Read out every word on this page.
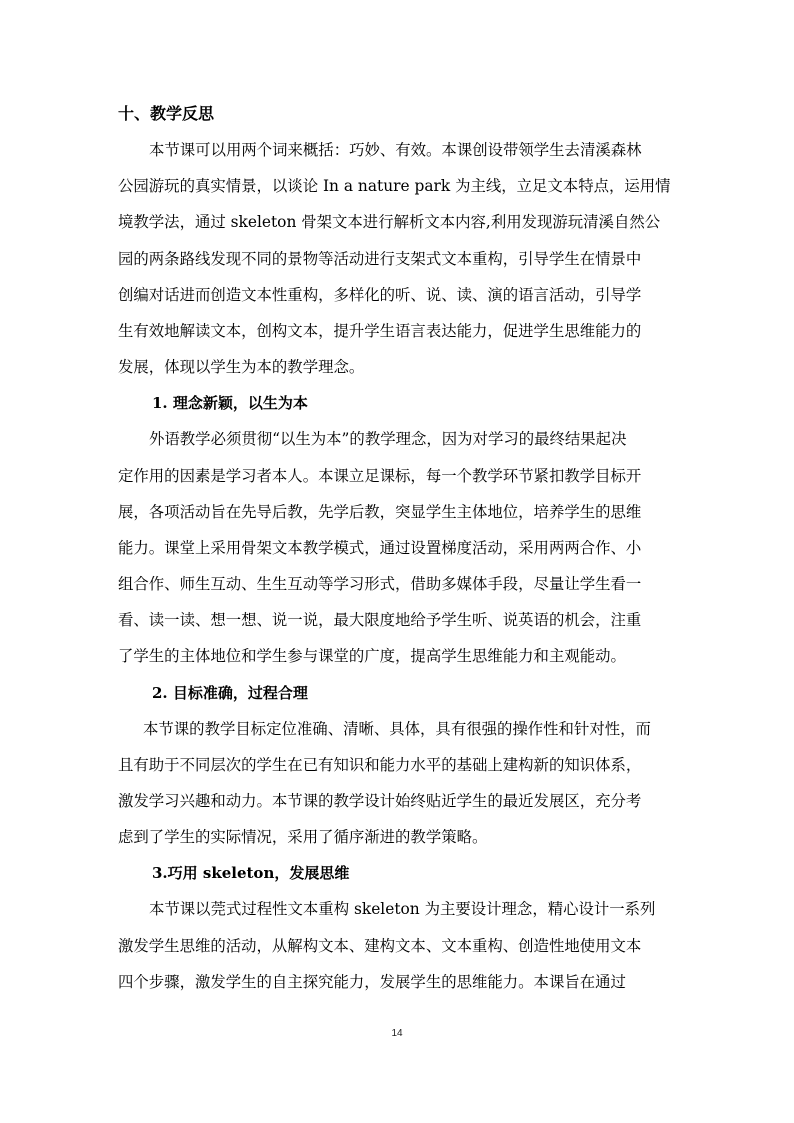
十、教学反思
本节课可以用两个词来概括：巧妙、有效。本课创设带领学生去清溪森林
公园游玩的真实情景，以谈论 In a nature park 为主线，立足文本特点，运用情
境教学法，通过 skeleton 骨架文本进行解析文本内容,利用发现游玩清溪自然公
园的两条路线发现不同的景物等活动进行支架式文本重构，引导学生在情景中
创编对话进而创造文本性重构，多样化的听、说、读、演的语言活动，引导学
生有效地解读文本，创构文本，提升学生语言表达能力，促进学生思维能力的
发展，体现以学生为本的教学理念。
1. 理念新颖，以生为本
外语教学必须贯彻“以生为本”的教学理念，因为对学习的最终结果起决
定作用的因素是学习者本人。本课立足课标，每一个教学环节紧扣教学目标开
展，各项活动旨在先导后教，先学后教，突显学生主体地位，培养学生的思维
能力。课堂上采用骨架文本教学模式，通过设置梯度活动，采用两两合作、小
组合作、师生互动、生生互动等学习形式，借助多媒体手段，尽量让学生看一
看、读一读、想一想、说一说，最大限度地给予学生听、说英语的机会，注重
了学生的主体地位和学生参与课堂的广度，提高学生思维能力和主观能动。
2. 目标准确，过程合理
本节课的教学目标定位准确、清晰、具体，具有很强的操作性和针对性，而
且有助于不同层次的学生在已有知识和能力水平的基础上建构新的知识体系，
激发学习兴趣和动力。本节课的教学设计始终贴近学生的最近发展区，充分考
虑到了学生的实际情况，采用了循序渐进的教学策略。
3.巧用 skeleton，发展思维
本节课以莞式过程性文本重构 skeleton 为主要设计理念，精心设计一系列
激发学生思维的活动，从解构文本、建构文本、文本重构、创造性地使用文本
四个步骤，激发学生的自主探究能力，发展学生的思维能力。本课旨在通过
14
